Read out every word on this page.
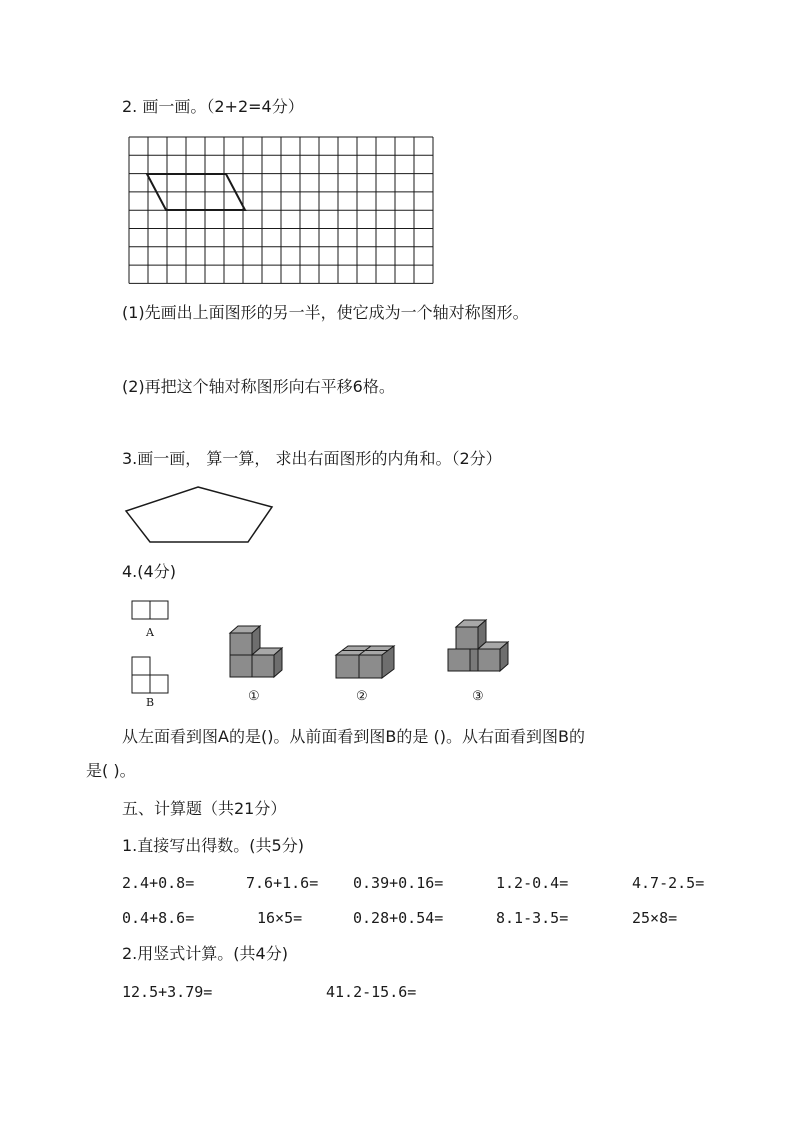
2. 画一画。（2+2=4分）

(1)先画出上面图形的另一半，使它成为一个轴对称图形。

(2)再把这个轴对称图形向右平移6格。

3.画一画， 算一算， 求出右面图形的内角和。（2分）

4.(4分)

A
B	①	②	③

从左面看到图A的是()。从前面看到图B的是 ()。从右面看到图B的

是( )。

五、计算题（共21分）

1.直接写出得数。(共5分)

2.4+0.8=	7.6+1.6= 0.39+0.16=	1.2-0.4=	4.7-2.5=

0.4+8.6=	16×5=	0.28+0.54=	8.1-3.5=	25×8=

2.用竖式计算。(共4分)

12.5+3.79=	41.2-15.6=
